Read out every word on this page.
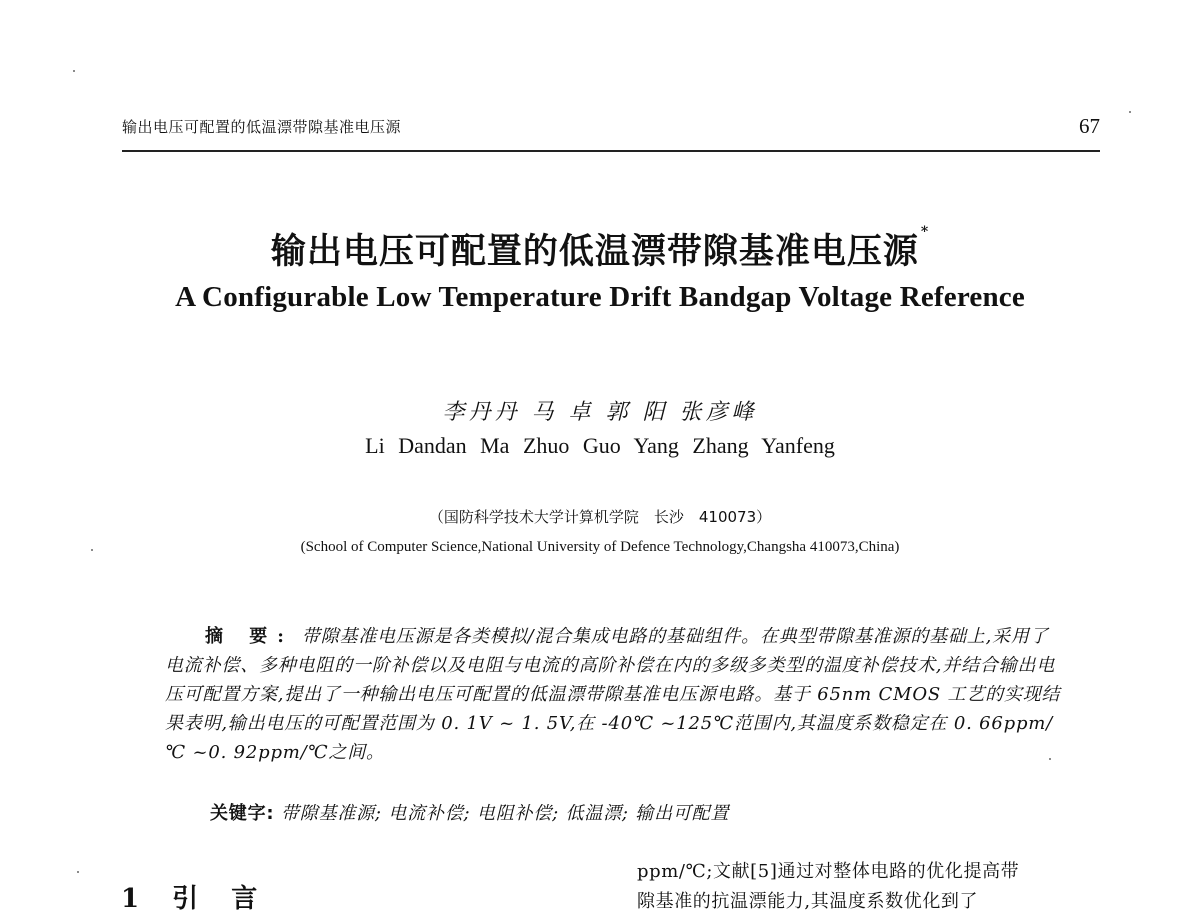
输出电压可配置的低温漂带隙基准电压源	67
输出电压可配置的低温漂带隙基准电压源 *
A Configurable Low Temperature Drift Bandgap Voltage Reference
李丹丹 马 卓 郭 阳 张彦峰
Li Dandan Ma Zhuo Guo Yang Zhang Yanfeng
（国防科学技术大学计算机学院　长沙　410073）
(School of Computer Science,National University of Defence Technology,Changsha 410073,China)
摘 要: 带隙基准电压源是各类模拟/混合集成电路的基础组件。在典型带隙基准源的基础上,采用了电流补偿、多种电阻的一阶补偿以及电阻与电流的高阶补偿在内的多级多类型的温度补偿技术,并结合输出电压可配置方案,提出了一种输出电压可配置的低温漂带隙基准电压源电路。基于 65nm CMOS 工艺的实现结果表明,输出电压的可配置范围为 0. 1V ~ 1. 5V,在 -40℃ ~125℃范围内,其温度系数稳定在 0. 66ppm/℃ ~0. 92ppm/℃之间。
关键字: 带隙基准源; 电流补偿; 电阻补偿; 低温漂; 输出可配置
1 引 言
ppm/℃;文献[5]通过对整体电路的优化提高带
隙基准的抗温漂能力,其温度系数优化到了
